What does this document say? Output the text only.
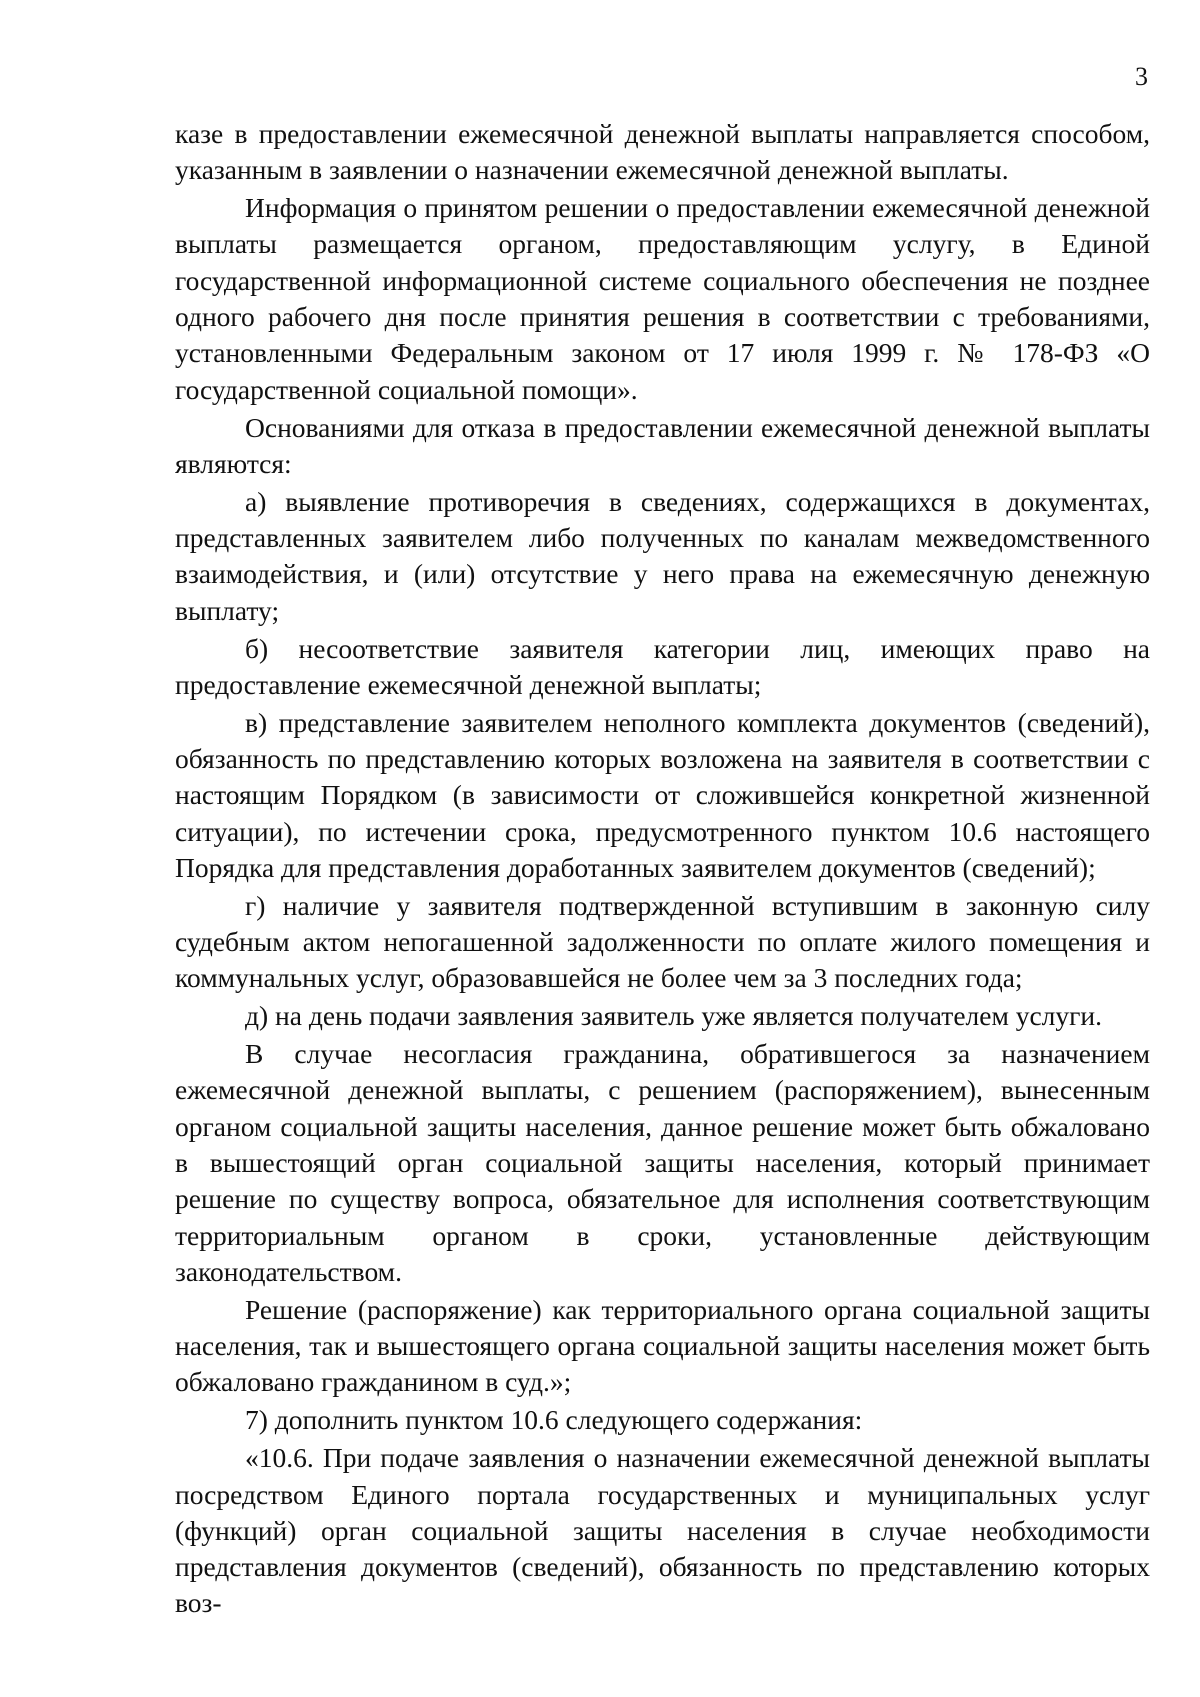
3

казе в предоставлении ежемесячной денежной выплаты направляется способом, указанным в заявлении о назначении ежемесячной денежной выплаты.

Информация о принятом решении о предоставлении ежемесячной денежной выплаты размещается органом, предоставляющим услугу, в Единой государственной информационной системе социального обеспечения не позднее одного рабочего дня после принятия решения в соответствии с требованиями, установленными Федеральным законом от 17 июля 1999 г. № 178-ФЗ «О государственной социальной помощи».

Основаниями для отказа в предоставлении ежемесячной денежной выплаты являются:

а) выявление противоречия в сведениях, содержащихся в документах, представленных заявителем либо полученных по каналам межведомственного взаимодействия, и (или) отсутствие у него права на ежемесячную денежную выплату;

б) несоответствие заявителя категории лиц, имеющих право на предоставление ежемесячной денежной выплаты;

в) представление заявителем неполного комплекта документов (сведений), обязанность по представлению которых возложена на заявителя в соответствии с настоящим Порядком (в зависимости от сложившейся конкретной жизненной ситуации), по истечении срока, предусмотренного пунктом 10.6 настоящего Порядка для представления доработанных заявителем документов (сведений);

г) наличие у заявителя подтвержденной вступившим в законную силу судебным актом непогашенной задолженности по оплате жилого помещения и коммунальных услуг, образовавшейся не более чем за 3 последних года;

д) на день подачи заявления заявитель уже является получателем услуги.

В случае несогласия гражданина, обратившегося за назначением ежемесячной денежной выплаты, с решением (распоряжением), вынесенным органом социальной защиты населения, данное решение может быть обжаловано в вышестоящий орган социальной защиты населения, который принимает решение по существу вопроса, обязательное для исполнения соответствующим территориальным органом в сроки, установленные действующим законодательством.

Решение (распоряжение) как территориального органа социальной защиты населения, так и вышестоящего органа социальной защиты населения может быть обжаловано гражданином в суд.»;

7) дополнить пунктом 10.6 следующего содержания:

«10.6. При подаче заявления о назначении ежемесячной денежной выплаты посредством Единого портала государственных и муниципальных услуг (функций) орган социальной защиты населения в случае необходимости представления документов (сведений), обязанность по представлению которых воз-
